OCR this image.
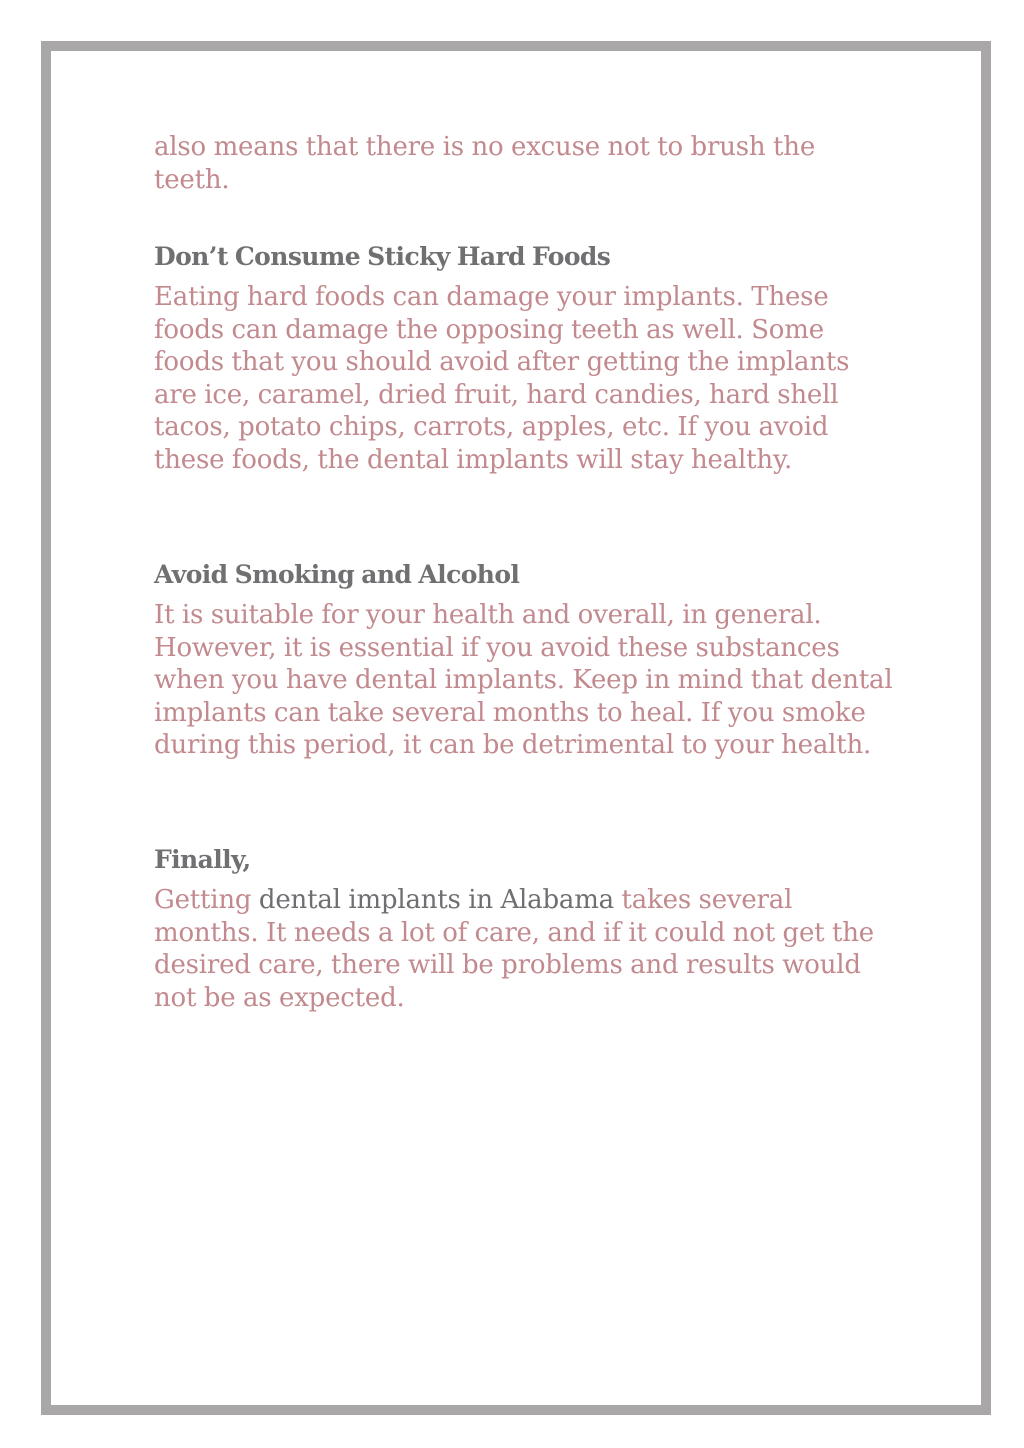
also means that there is no excuse not to brush the teeth.

Don’t Consume Sticky Hard Foods

Eating hard foods can damage your implants. These foods can damage the opposing teeth as well. Some foods that you should avoid after getting the implants are ice, caramel, dried fruit, hard candies, hard shell tacos, potato chips, carrots, apples, etc. If you avoid these foods, the dental implants will stay healthy.

Avoid Smoking and Alcohol

It is suitable for your health and overall, in general. However, it is essential if you avoid these substances when you have dental implants. Keep in mind that dental implants can take several months to heal. If you smoke during this period, it can be detrimental to your health.

Finally,

Getting dental implants in Alabama takes several months. It needs a lot of care, and if it could not get the desired care, there will be problems and results would not be as expected.
